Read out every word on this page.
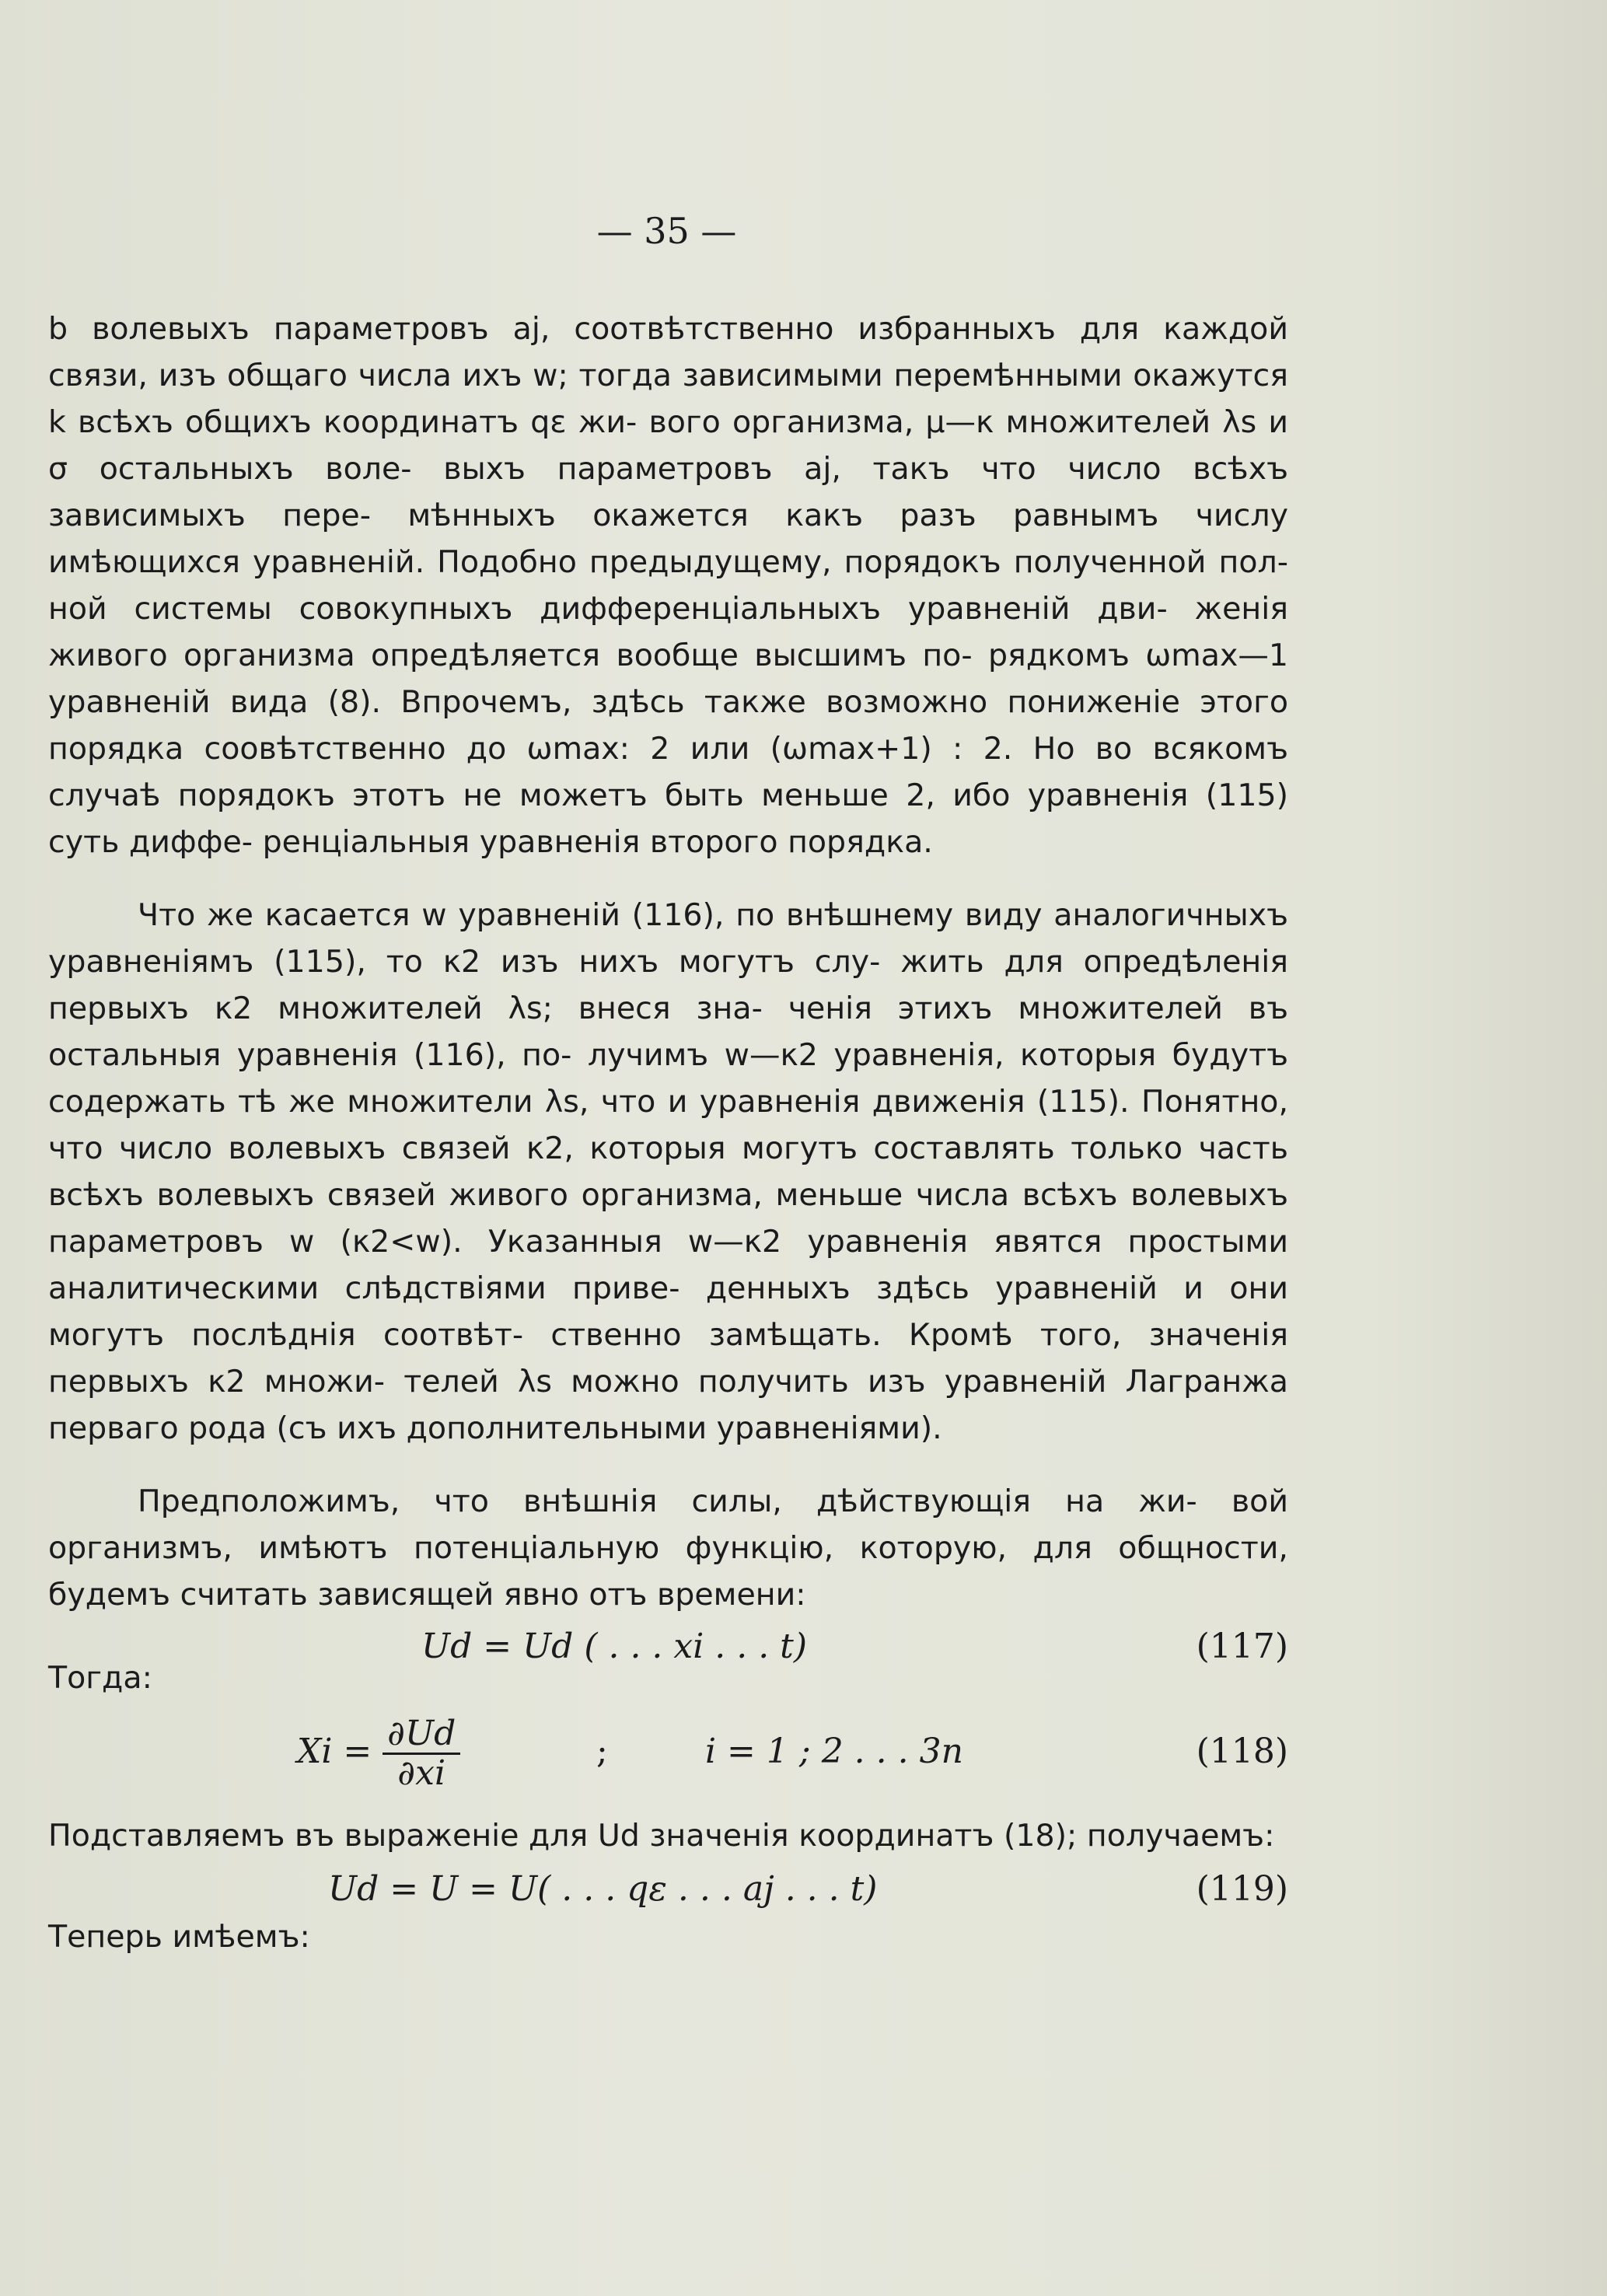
— 35 —

b волевыхъ параметровъ aj, соотвѣтственно избранныхъ для каждой связи, изъ общаго числа ихъ w; тогда зависимыми перемѣнными окажутся k всѣхъ общихъ координатъ qε жи- вого организма, μ—κ множителей λs и σ остальныхъ воле- выхъ параметровъ aj, такъ что число всѣхъ зависимыхъ пере- мѣнныхъ окажется какъ разъ равнымъ числу имѣющихся уравненій. Подобно предыдущему, порядокъ полученной пол- ной системы совокупныхъ дифференціальныхъ уравненій дви- женія живого организма опредѣляется вообще высшимъ по- рядкомъ ωmax—1 уравненій вида (8). Впрочемъ, здѣсь также возможно пониженіе этого порядка соовѣтственно до ωmax: 2 или (ωmax+1) : 2. Но во всякомъ случаѣ порядокъ этотъ не можетъ быть меньше 2, ибо уравненія (115) суть диффе- ренціальныя уравненія второго порядка.

Что же касается w уравненій (116), по внѣшнему виду аналогичныхъ уравненіямъ (115), то κ2 изъ нихъ могутъ слу- жить для опредѣленія первыхъ κ2 множителей λs; внеся зна- ченія этихъ множителей въ остальныя уравненія (116), по- лучимъ w—κ2 уравненія, которыя будутъ содержать тѣ же множители λs, что и уравненія движенія (115). Понятно, что число волевыхъ связей κ2, которыя могутъ составлять только часть всѣхъ волевыхъ связей живого организма, меньше числа всѣхъ волевыхъ параметровъ w (κ2<w). Указанныя w—κ2 уравненія явятся простыми аналитическими слѣдствіями приве- денныхъ здѣсь уравненій и они могутъ послѣднія соотвѣт- ственно замѣщать. Кромѣ того, значенія первыхъ κ2 множи- телей λs можно получить изъ уравненій Лагранжа перваго рода (съ ихъ дополнительными уравненіями).

Предположимъ, что внѣшнія силы, дѣйствующія на жи- вой организмъ, имѣютъ потенціальную функцію, которую, для общности, будемъ считать зависящей явно отъ времени:

Ud = Ud ( . . . xi . . . t)	(117)
Тогда:
$Xi = \frac{\partial Ud}{\partial xi}$	;	i = 1 ; 2 . . . 3n	(118)

Подставляемъ въ выраженіе для Ud значенія координатъ (18); получаемъ:

Ud = U = U( . . . qε . . . aj . . . t)	(119)

Теперь имѣемъ:
